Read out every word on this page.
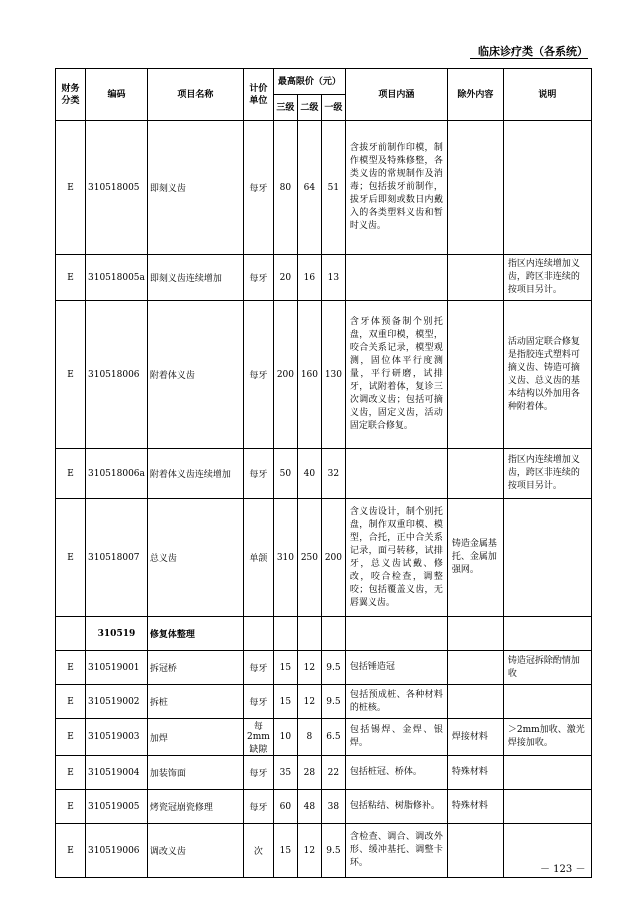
临床诊疗类（各系统）
财务分类	编码	项目名称	计价单位	最高限价（元）			项目内涵	除外内容	说明
				三级	二级	一级			
E	310518005	即刻义齿	每牙	80	64	51	含拔牙前制作印模，制作模型及特殊修整，各类义齿的常规制作及消毒；包括拔牙前制作，拔牙后即刻或数日内戴入的各类塑料义齿和暂时义齿。		
E	310518005a	即刻义齿连续增加	每牙	20	16	13			指区内连续增加义齿，跨区非连续的按项目另计。
E	310518006	附着体义齿	每牙	200	160	130	含牙体预备制个别托盘，双重印模，模型，咬合关系记录，模型观测，固位体平行度测量，平行研磨，试排牙，试附着体，复诊三次调改义齿；包括可摘义齿，固定义齿，活动固定联合修复。		活动固定联合修复是指胶连式塑料可摘义齿、铸造可摘义齿、总义齿的基本结构以外加用各种附着体。
E	310518006a	附着体义齿连续增加	每牙	50	40	32			指区内连续增加义齿，跨区非连续的按项目另计。
E	310518007	总义齿	单颌	310	250	200	含义齿设计，制个别托盘，制作双重印模、模型，合托，正中合关系记录，面弓转移，试排牙，总义齿试戴、修改，咬合检查，调整咬；包括覆盖义齿，无唇翼义齿。	铸造金属基托、金属加强网。	
	310519	修复体整理							
E	310519001	拆冠桥	每牙	15	12	9.5	包括锤造冠		铸造冠拆除酌情加收
E	310519002	拆桩	每牙	15	12	9.5	包括预成桩、各种材料的桩核。		
E	310519003	加焊	每2mm缺隙	10	8	6.5	包括锡焊、金焊、银焊。	焊接材料	＞2mm加收、激光焊接加收。
E	310519004	加装饰面	每牙	35	28	22	包括桩冠、桥体。	特殊材料	
E	310519005	烤瓷冠崩瓷修理	每牙	60	48	38	包括粘结、树脂修补。	特殊材料	
E	310519006	调改义齿	次	15	12	9.5	含检查、调合、调改外形、缓冲基托、调整卡环。		
－ 123 －
